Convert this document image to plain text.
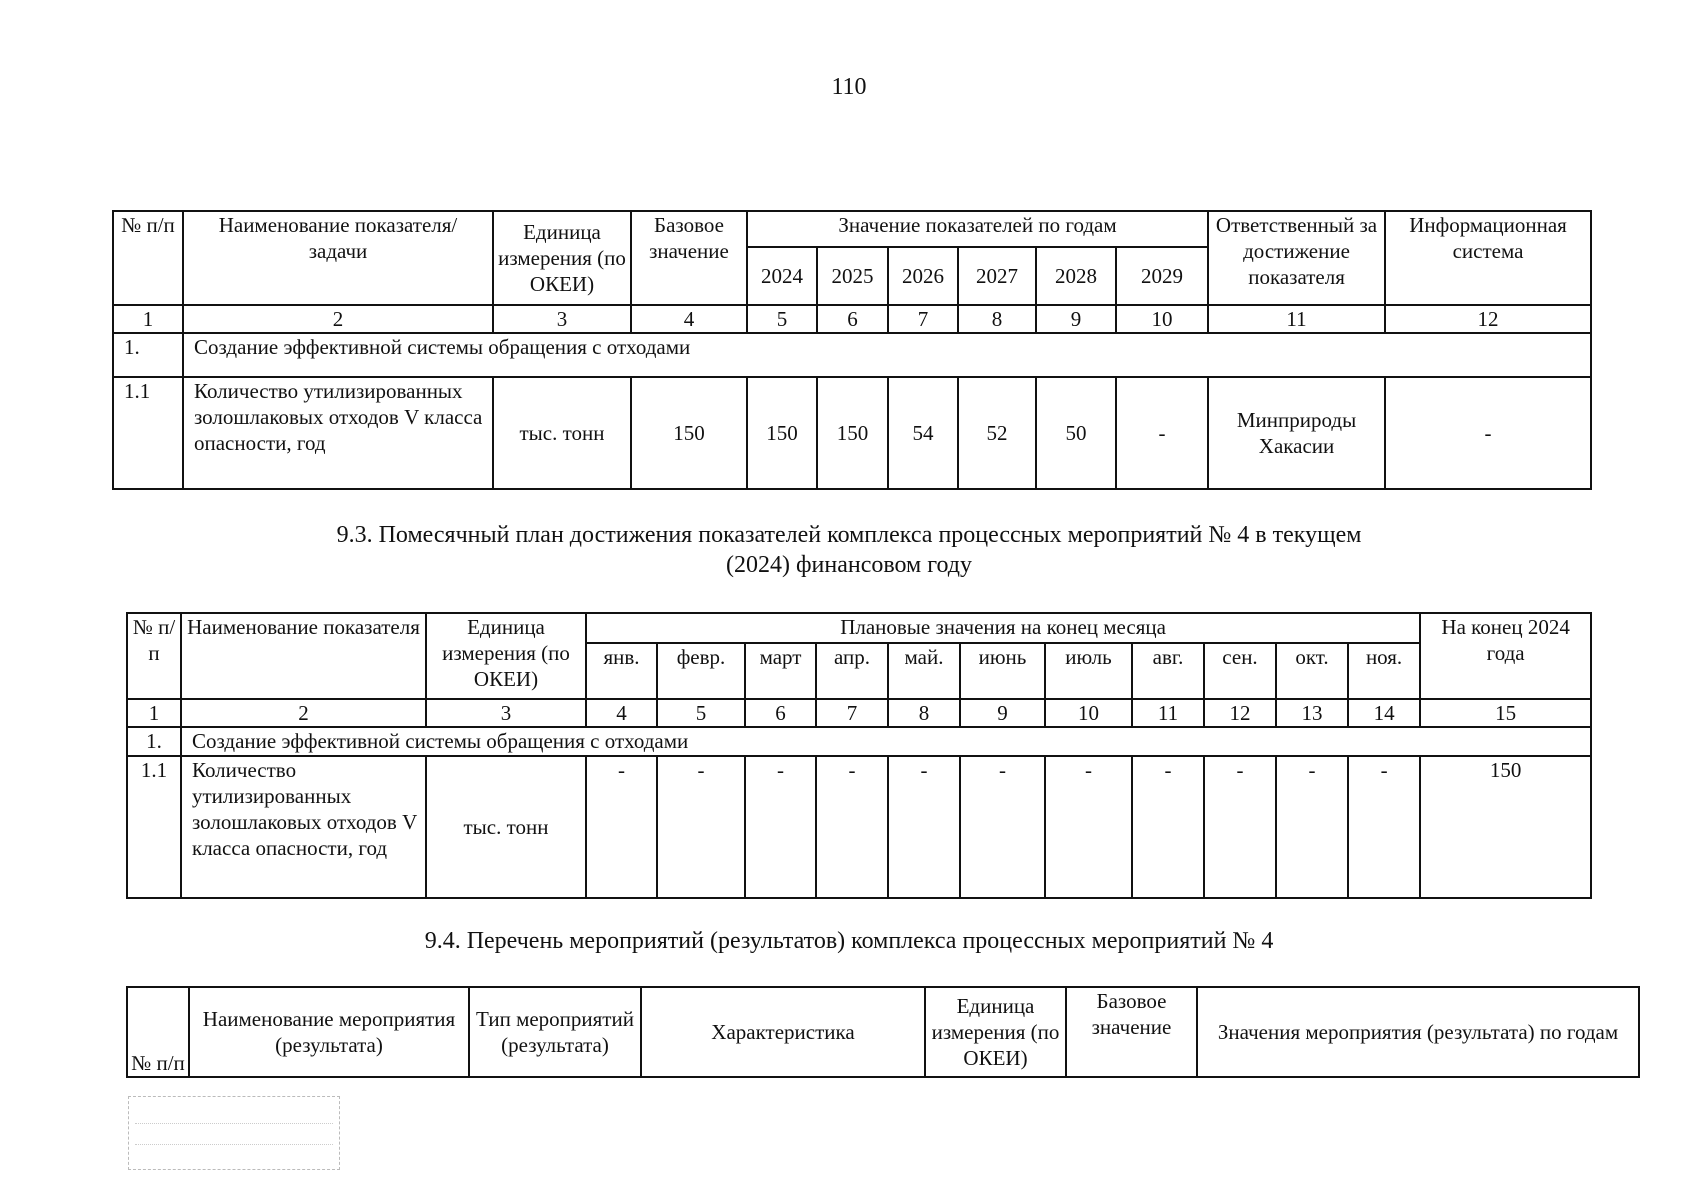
110
№ п/п	Наименование показателя/ задачи	Единица измерения (по ОКЕИ)	Базовое значение	Значение показателей по годам						Ответственный за достижение показателя	Информационная система
				2024	2025	2026	2027	2028	2029		
1	2	3	4	5	6	7	8	9	10	11	12
1.	Создание эффективной системы обращения с отходами										
1.1	Количество утилизированных золошлаковых отходов V класса опасности, год	тыс. тонн	150	150	150	54	52	50	-	Минприроды Хакасии	-
9.3. Помесячный план достижения показателей комплекса процессных мероприятий № 4 в текущем
(2024) финансовом году
№ п/п	Наименование показателя	Единица измерения (по ОКЕИ)	Плановые значения на конец месяца											На конец 2024 года
			янв.	февр.	март	апр.	май.	июнь	июль	авг.	сен.	окт.	ноя.	
1	2	3	4	5	6	7	8	9	10	11	12	13	14	15
1.	Создание эффективной системы обращения с отходами													
1.1	Количество утилизированных золошлаковых отходов V класса опасности, год	тыс. тонн	-	-	-	-	-	-	-	-	-	-	-	150
9.4. Перечень мероприятий (результатов) комплекса процессных мероприятий № 4
№ п/п	Наименование мероприятия (результата)	Тип мероприятий (результата)	Характеристика	Единица измерения (по ОКЕИ)	Базовое значение	Значения мероприятия (результата) по годам
